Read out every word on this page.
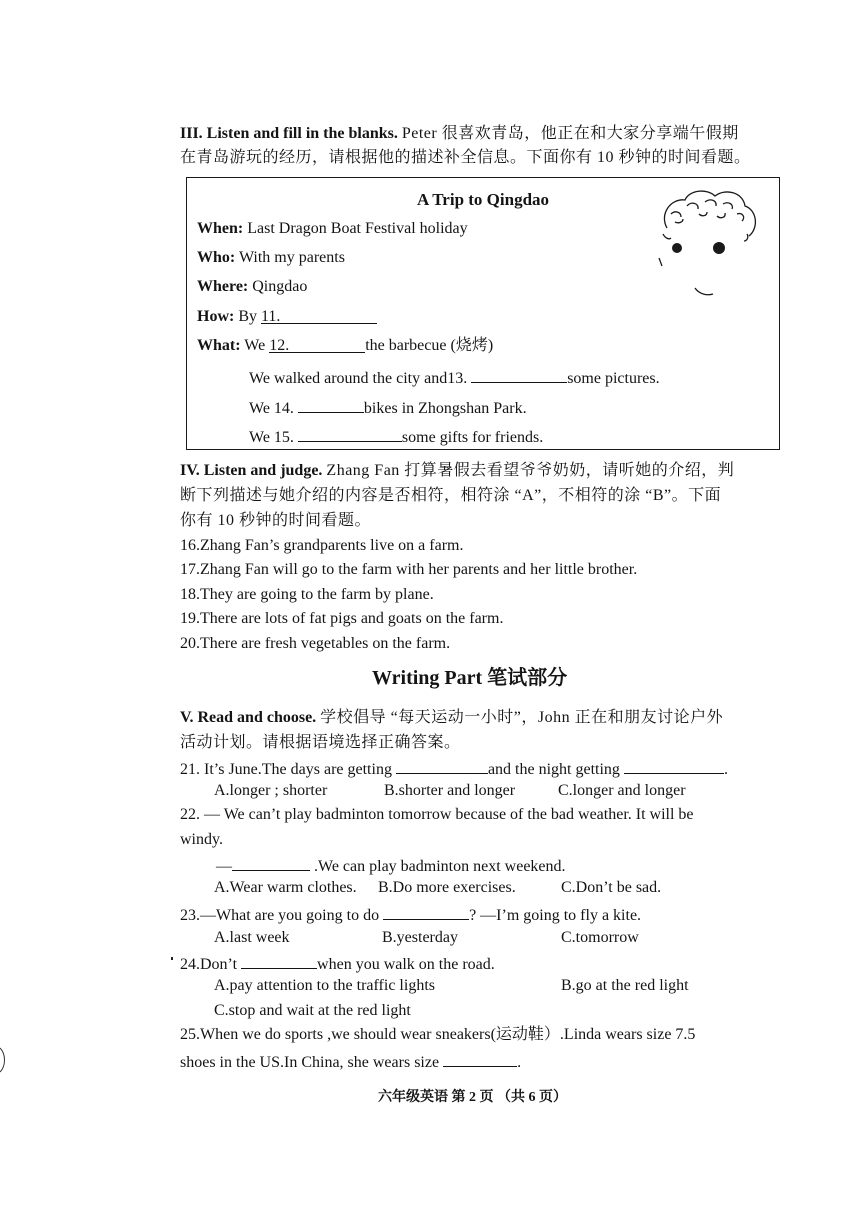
III. Listen and fill in the blanks. Peter 很喜欢青岛，他正在和大家分享端午假期
在青岛游玩的经历，请根据他的描述补全信息。下面你有 10 秒钟的时间看题。
A Trip to Qingdao
When: Last Dragon Boat Festival holiday
Who: With my parents
Where: Qingdao
How: By 11.
What: We 12.	the barbecue (烧烤)
We walked around the city and13.	some pictures.
We 14.	bikes in Zhongshan Park.
We 15.	some gifts for friends.
IV. Listen and judge. Zhang Fan 打算暑假去看望爷爷奶奶，请听她的介绍，判
断下列描述与她介绍的内容是否相符，相符涂 “A”，不相符的涂 “B”。下面
你有 10 秒钟的时间看题。
16.Zhang Fan’s grandparents live on a farm.
17.Zhang Fan will go to the farm with her parents and her little brother.
18.They are going to the farm by plane.
19.There are lots of fat pigs and goats on the farm.
20.There are fresh vegetables on the farm.
Writing Part 笔试部分
V. Read and choose. 学校倡导 “每天运动一小时”，John 正在和朋友讨论户外
活动计划。请根据语境选择正确答案。
21. It’s June.The days are getting	and the night getting	.
A.longer ; shorter	B.shorter and longer	C.longer and longer
22. — We can’t play badminton tomorrow because of the bad weather. It will be
windy.
—	.We can play badminton next weekend.
A.Wear warm clothes. B.Do more exercises.	C.Don’t be sad.
23.—What are you going to do	? —I’m going to fly a kite.
A.last week	B.yesterday	C.tomorrow
24.Don’t	when you walk on the road.
A.pay attention to the traffic lights	B.go at the red light
C.stop and wait at the red light
25.When we do sports ,we should wear sneakers(运动鞋）.Linda wears size 7.5
shoes in the US.In China, she wears size	.
六年级英语 第 2 页 （共 6 页）
